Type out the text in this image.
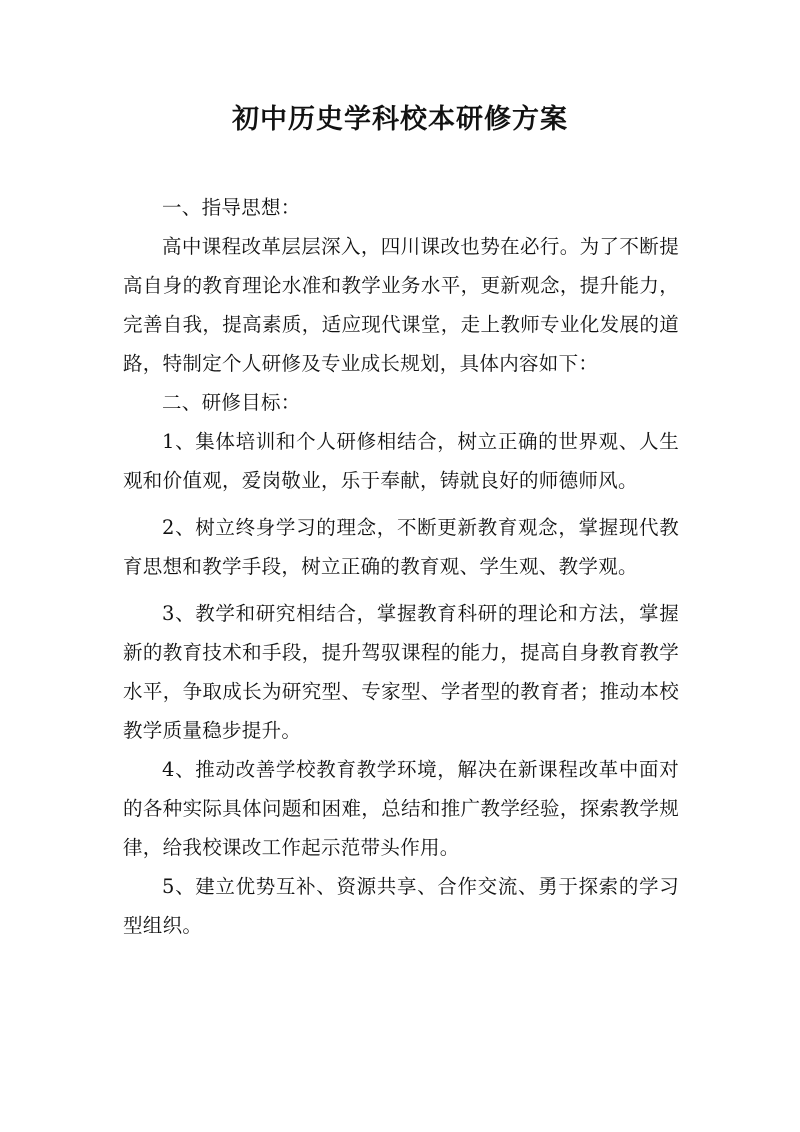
初中历史学科校本研修方案

一、指导思想：

高中课程改革层层深入，四川课改也势在必行。为了不断提高自身的教育理论水准和教学业务水平，更新观念，提升能力，完善自我，提高素质，适应现代课堂，走上教师专业化发展的道路，特制定个人研修及专业成长规划，具体内容如下：

二、研修目标：

1、集体培训和个人研修相结合，树立正确的世界观、人生观和价值观，爱岗敬业，乐于奉献，铸就良好的师德师风。

2、树立终身学习的理念，不断更新教育观念，掌握现代教育思想和教学手段，树立正确的教育观、学生观、教学观。

3、教学和研究相结合，掌握教育科研的理论和方法，掌握新的教育技术和手段，提升驾驭课程的能力，提高自身教育教学水平，争取成长为研究型、专家型、学者型的教育者；推动本校教学质量稳步提升。

4、推动改善学校教育教学环境，解决在新课程改革中面对的各种实际具体问题和困难，总结和推广教学经验，探索教学规律，给我校课改工作起示范带头作用。

5、建立优势互补、资源共享、合作交流、勇于探索的学习型组织。
